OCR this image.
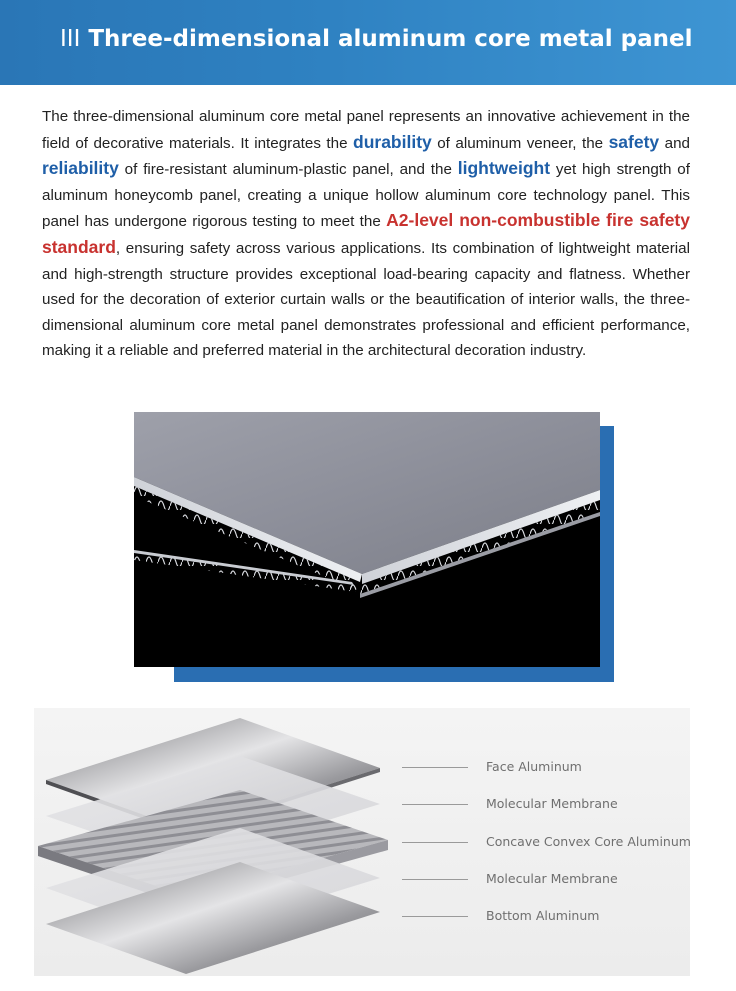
III Three-dimensional aluminum core metal panel
The three-dimensional aluminum core metal panel represents an innovative achievement in the field of decorative materials. It integrates the durability of aluminum veneer, the safety and reliability of fire-resistant aluminum-plastic panel, and the lightweight yet high strength of aluminum honeycomb panel, creating a unique hollow aluminum core technology panel. This panel has undergone rigorous testing to meet the A2-level non-combustible fire safety standard, ensuring safety across various applications. Its combination of lightweight material and high-strength structure provides exceptional load-bearing capacity and flatness. Whether used for the decoration of exterior curtain walls or the beautification of interior walls, the three-dimensional aluminum core metal panel demonstrates professional and efficient performance, making it a reliable and preferred material in the architectural decoration industry.
Face Aluminum
Molecular Membrane
Concave Convex Core Aluminum
Molecular Membrane
Bottom Aluminum
